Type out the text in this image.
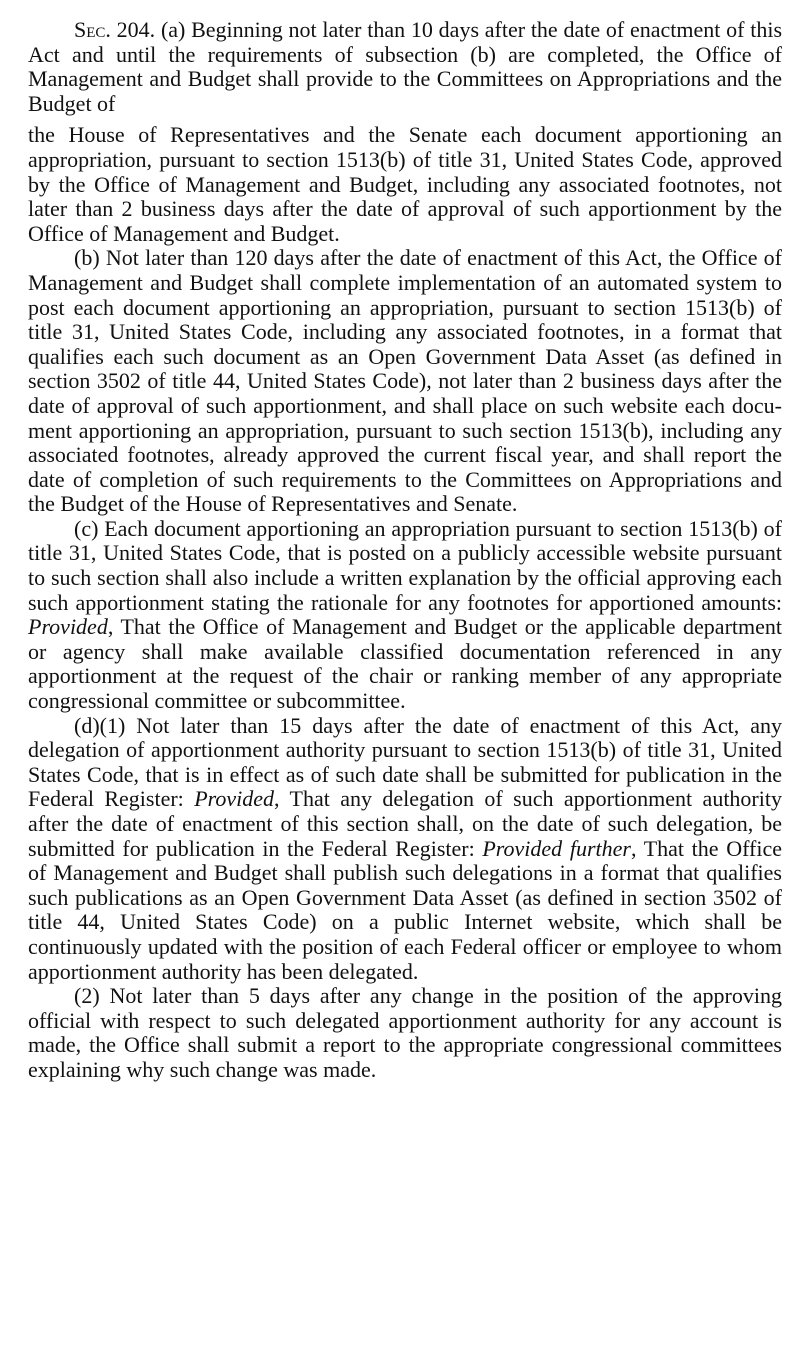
Sec. 204. (a) Beginning not later than 10 days after the date of enactment of this Act and until the requirements of subsection (b) are completed, the Office of Management and Budget shall provide to the Committees on Appropriations and the Budget of

the House of Representatives and the Senate each document apportioning an appropriation, pursuant to section 1513(b) of title 31, United States Code, approved by the Office of Management and Budget, including any associated footnotes, not later than 2 business days after the date of approval of such apportionment by the Office of Management and Budget.

(b) Not later than 120 days after the date of enactment of this Act, the Office of Management and Budget shall complete implementation of an automated system to post each document apportioning an appropriation, pursuant to section 1513(b) of title 31, United States Code, including any associated footnotes, in a format that qualifies each such document as an Open Government Data Asset (as defined in section 3502 of title 44, United States Code), not later than 2 business days after the date of approval of such apportionment, and shall place on such website each document apportioning an appropriation, pursuant to such section 1513(b), including any associated footnotes, already approved the current fiscal year, and shall report the date of completion of such requirements to the Committees on Appropriations and the Budget of the House of Representatives and Senate.

(c) Each document apportioning an appropriation pursuant to section 1513(b) of title 31, United States Code, that is posted on a publicly accessible website pursuant to such section shall also include a written explanation by the official approving each such apportionment stating the rationale for any footnotes for apportioned amounts: Provided, That the Office of Management and Budget or the applicable department or agency shall make available classified documentation referenced in any apportionment at the request of the chair or ranking member of any appropriate congressional committee or subcommittee.

(d)(1) Not later than 15 days after the date of enactment of this Act, any delegation of apportionment authority pursuant to section 1513(b) of title 31, United States Code, that is in effect as of such date shall be submitted for publication in the Federal Register: Provided, That any delegation of such apportionment authority after the date of enactment of this section shall, on the date of such delegation, be submitted for publication in the Federal Register: Provided further, That the Office of Management and Budget shall publish such delegations in a format that qualifies such publications as an Open Government Data Asset (as defined in section 3502 of title 44, United States Code) on a public Internet website, which shall be continuously updated with the position of each Federal officer or employee to whom apportionment authority has been delegated.

(2) Not later than 5 days after any change in the position of the approving official with respect to such delegated apportionment authority for any account is made, the Office shall submit a report to the appropriate congressional committees explaining why such change was made.
